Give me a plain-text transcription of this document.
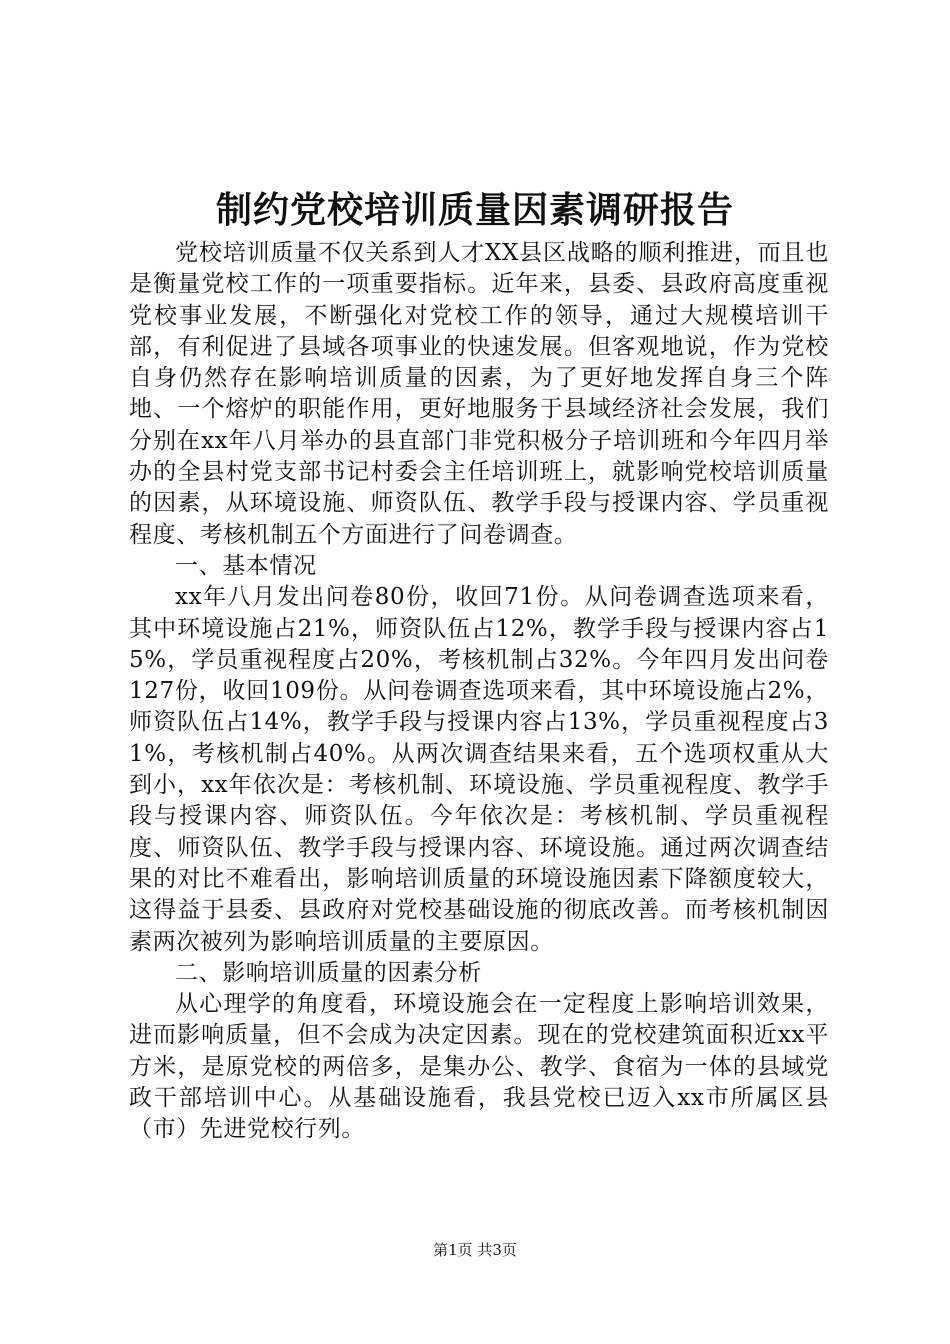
制约党校培训质量因素调研报告

党校培训质量不仅关系到人才XX县区战略的顺利推进，而且也是衡量党校工作的一项重要指标。近年来，县委、县政府高度重视党校事业发展，不断强化对党校工作的领导，通过大规模培训干部，有利促进了县域各项事业的快速发展。但客观地说，作为党校自身仍然存在影响培训质量的因素，为了更好地发挥自身三个阵地、一个熔炉的职能作用，更好地服务于县域经济社会发展，我们分别在xx年八月举办的县直部门非党积极分子培训班和今年四月举办的全县村党支部书记村委会主任培训班上，就影响党校培训质量的因素，从环境设施、师资队伍、教学手段与授课内容、学员重视程度、考核机制五个方面进行了问卷调查。

一、基本情况

xx年八月发出问卷80份，收回71份。从问卷调查选项来看，其中环境设施占21%，师资队伍占12%，教学手段与授课内容占15%，学员重视程度占20%，考核机制占32%。今年四月发出问卷127份，收回109份。从问卷调查选项来看，其中环境设施占2%，师资队伍占14%，教学手段与授课内容占13%，学员重视程度占31%，考核机制占40%。从两次调查结果来看，五个选项权重从大到小，xx年依次是：考核机制、环境设施、学员重视程度、教学手段与授课内容、师资队伍。今年依次是：考核机制、学员重视程度、师资队伍、教学手段与授课内容、环境设施。通过两次调查结果的对比不难看出，影响培训质量的环境设施因素下降额度较大，这得益于县委、县政府对党校基础设施的彻底改善。而考核机制因素两次被列为影响培训质量的主要原因。

二、影响培训质量的因素分析

从心理学的角度看，环境设施会在一定程度上影响培训效果，进而影响质量，但不会成为决定因素。现在的党校建筑面积近xx平方米，是原党校的两倍多，是集办公、教学、食宿为一体的县域党政干部培训中心。从基础设施看，我县党校已迈入xx市所属区县（市）先进党校行列。

第1页 共3页
